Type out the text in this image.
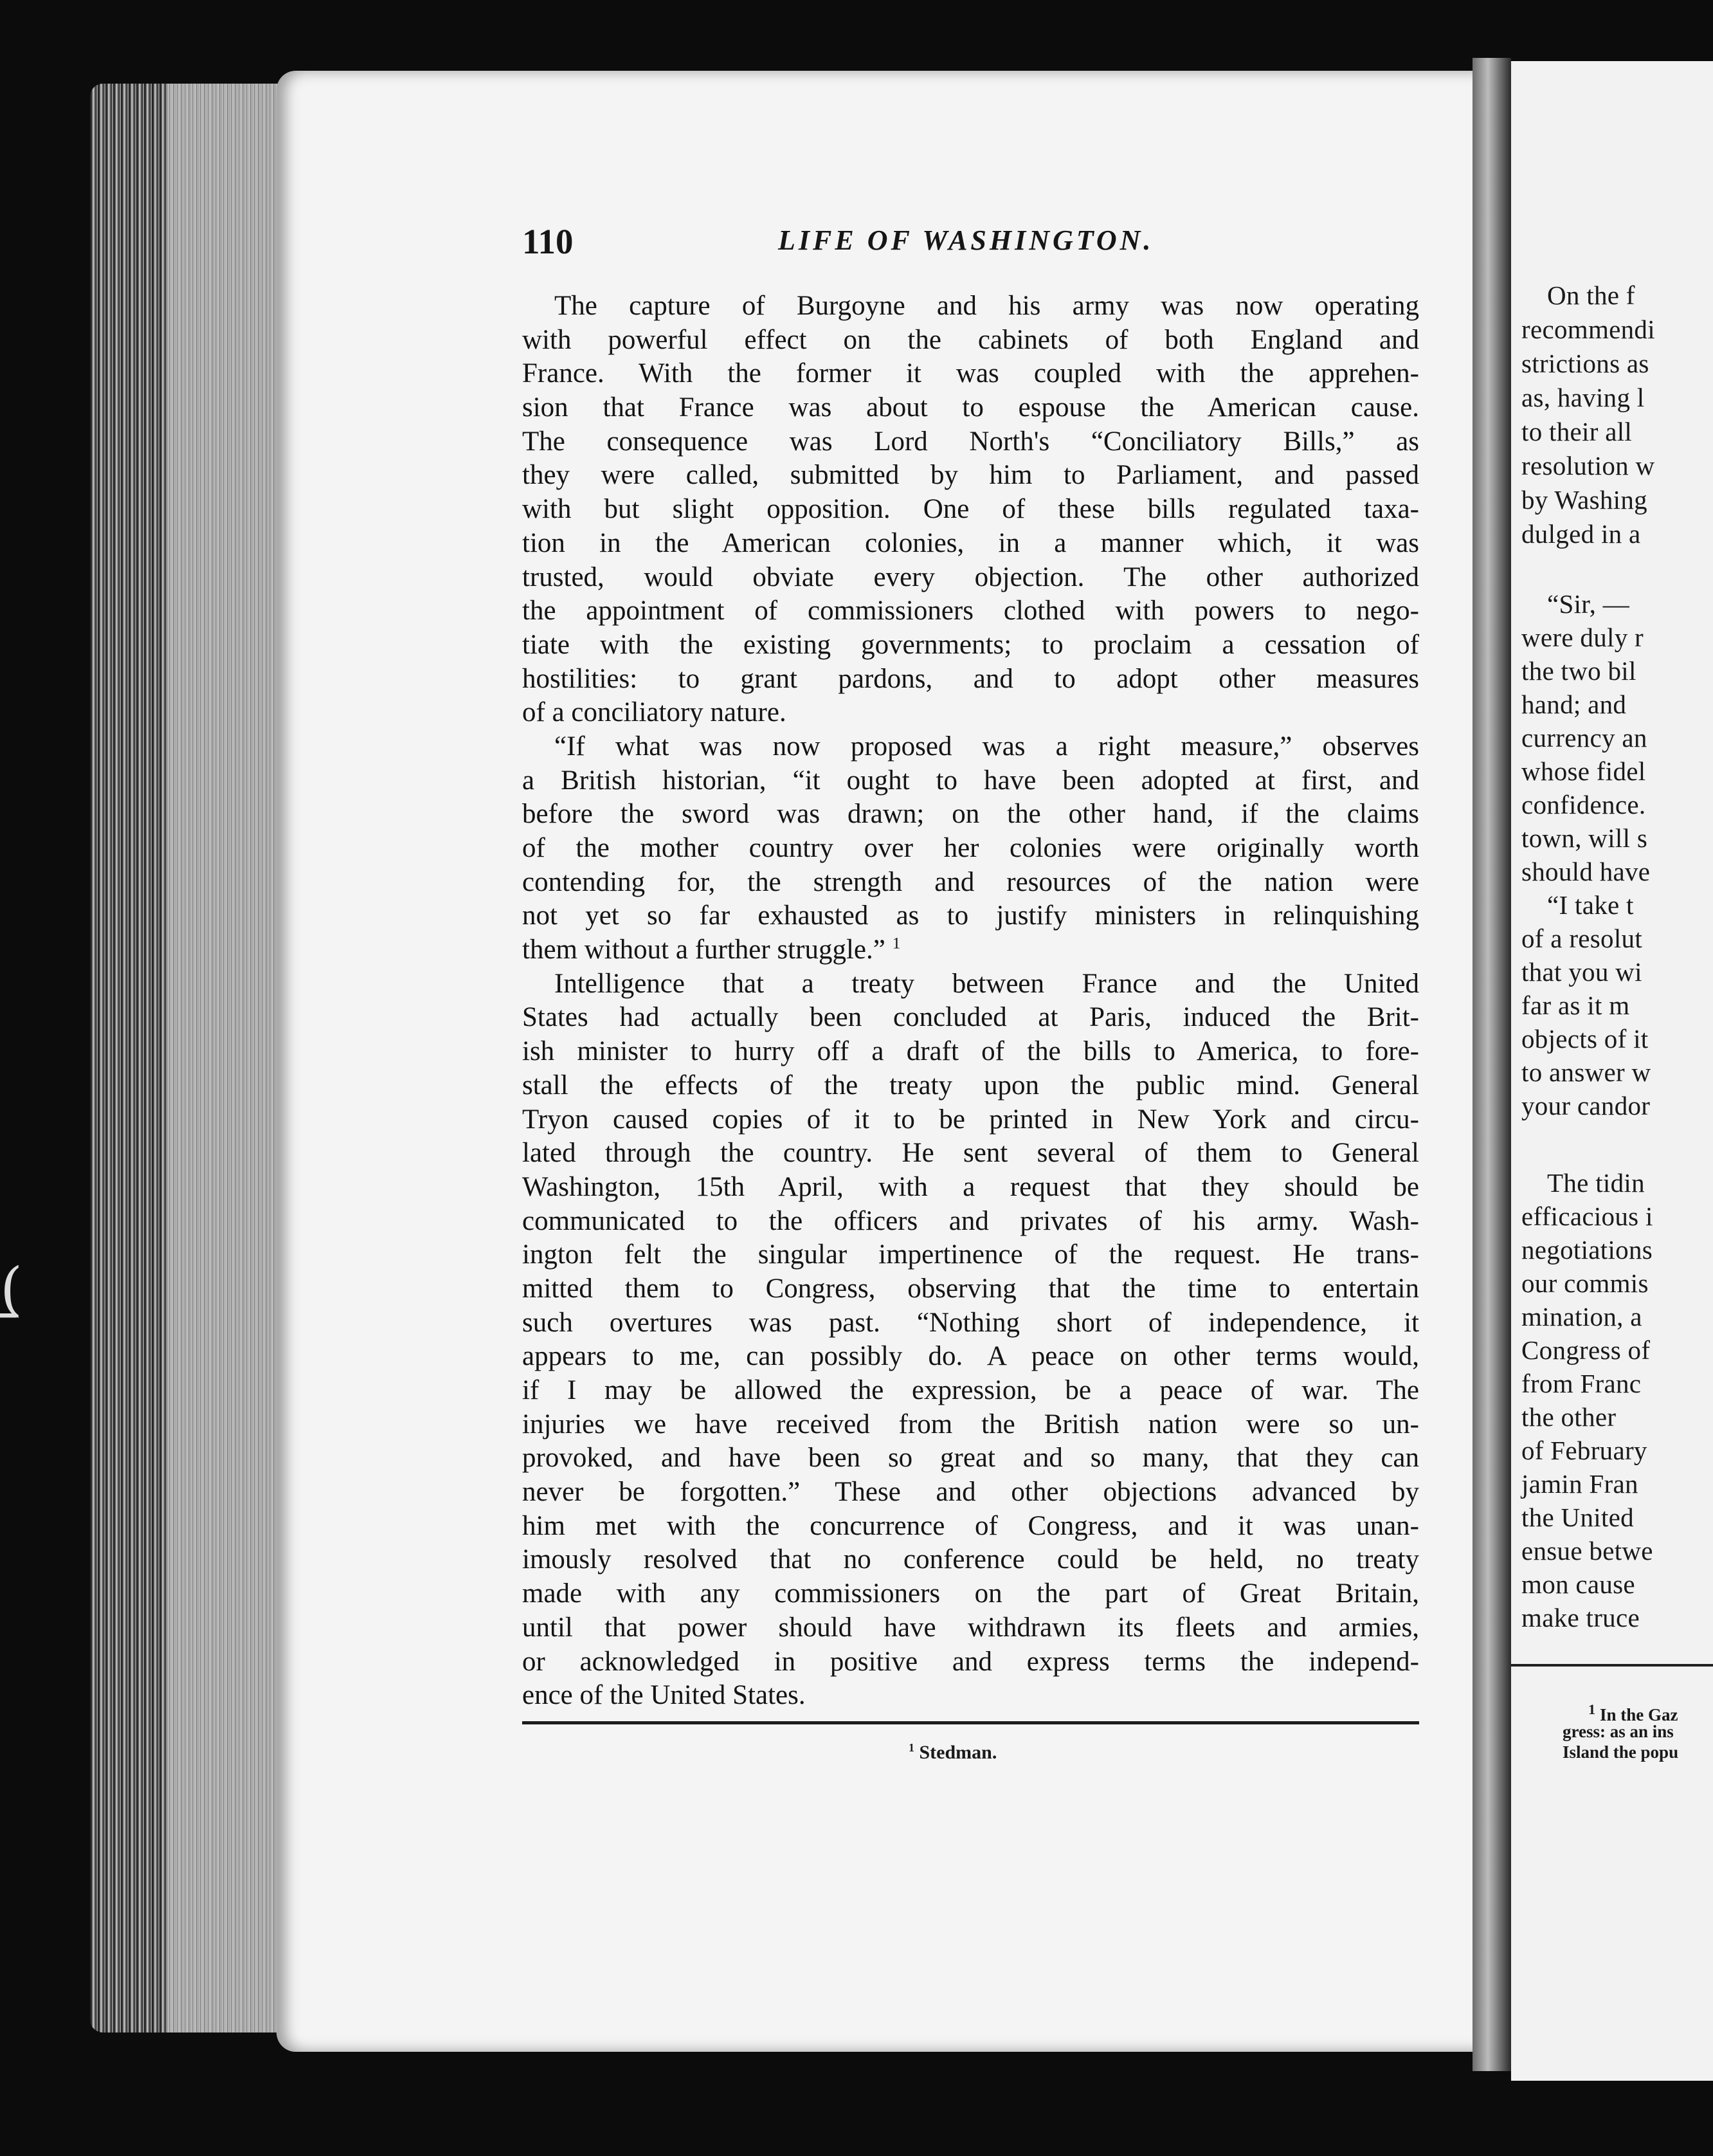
(̱
110	LIFE OF WASHINGTON.
The capture of Burgoyne and his army was now operating
with powerful effect on the cabinets of both England and
France. With the former it was coupled with the apprehen-
sion that France was about to espouse the American cause.
The consequence was Lord North's “Conciliatory Bills,” as
they were called, submitted by him to Parliament, and passed
with but slight opposition. One of these bills regulated taxa-
tion in the American colonies, in a manner which, it was
trusted, would obviate every objection. The other authorized
the appointment of commissioners clothed with powers to nego-
tiate with the existing governments; to proclaim a cessation of
hostilities: to grant pardons, and to adopt other measures
of a conciliatory nature.
“If what was now proposed was a right measure,” observes
a British historian, “it ought to have been adopted at first, and
before the sword was drawn; on the other hand, if the claims
of the mother country over her colonies were originally worth
contending for, the strength and resources of the nation were
not yet so far exhausted as to justify ministers in relinquishing
them without a further struggle.” $^1$
Intelligence that a treaty between France and the United
States had actually been concluded at Paris, induced the Brit-
ish minister to hurry off a draft of the bills to America, to fore-
stall the effects of the treaty upon the public mind. General
Tryon caused copies of it to be printed in New York and circu-
lated through the country. He sent several of them to General
Washington, 15th April, with a request that they should be
communicated to the officers and privates of his army. Wash-
ington felt the singular impertinence of the request. He trans-
mitted them to Congress, observing that the time to entertain
such overtures was past. “Nothing short of independence, it
appears to me, can possibly do. A peace on other terms would,
if I may be allowed the expression, be a peace of war. The
injuries we have received from the British nation were so un-
provoked, and have been so great and so many, that they can
never be forgotten.” These and other objections advanced by
him met with the concurrence of Congress, and it was unan-
imously resolved that no conference could be held, no treaty
made with any commissioners on the part of Great Britain,
until that power should have withdrawn its fleets and armies,
or acknowledged in positive and express terms the independ-
ence of the United States.
$^1$ Stedman.
On the f
recommendi
strictions as
as, having l
to their all
resolution w
by Washing
dulged in a
“Sir, —
were duly r
the two bil
hand; and
currency an
whose fidel
confidence.
town, will s
should have
“I take t
of a resolut
that you wi
far as it m
objects of it
to answer w
your candor
The tidin
efficacious i
negotiations
our commis
mination, a
Congress of
from Franc
the other
of February
jamin Fran
the United
ensue betwe
mon cause
make truce
$^1$ In the Gaz
gress: as an ins
Island the popu
